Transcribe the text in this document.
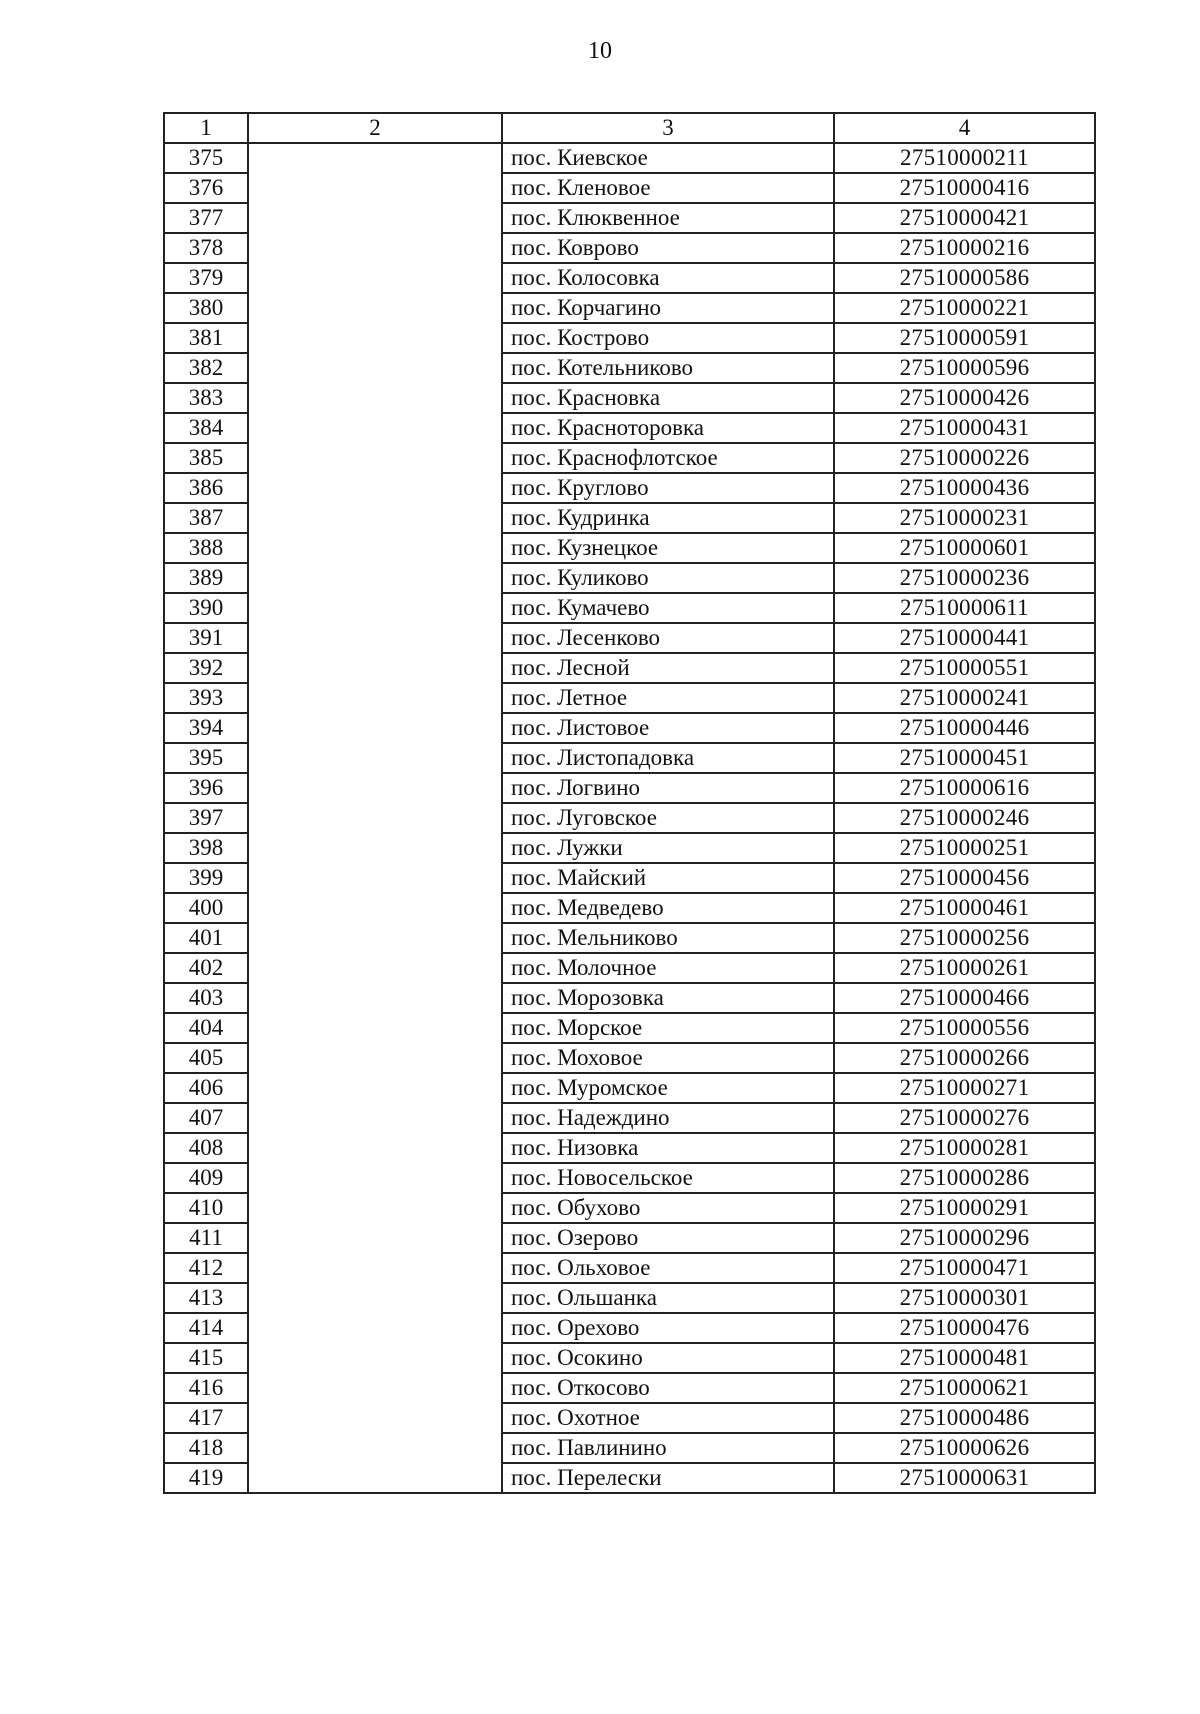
10
1	2	3	4
375		пос. Киевское	27510000211
376		пос. Кленовое	27510000416
377		пос. Клюквенное	27510000421
378		пос. Коврово	27510000216
379		пос. Колосовка	27510000586
380		пос. Корчагино	27510000221
381		пос. Кострово	27510000591
382		пос. Котельниково	27510000596
383		пос. Красновка	27510000426
384		пос. Красноторовка	27510000431
385		пос. Краснофлотское	27510000226
386		пос. Круглово	27510000436
387		пос. Кудринка	27510000231
388		пос. Кузнецкое	27510000601
389		пос. Куликово	27510000236
390		пос. Кумачево	27510000611
391		пос. Лесенково	27510000441
392		пос. Лесной	27510000551
393		пос. Летное	27510000241
394		пос. Листовое	27510000446
395		пос. Листопадовка	27510000451
396		пос. Логвино	27510000616
397		пос. Луговское	27510000246
398		пос. Лужки	27510000251
399		пос. Майский	27510000456
400		пос. Медведево	27510000461
401		пос. Мельниково	27510000256
402		пос. Молочное	27510000261
403		пос. Морозовка	27510000466
404		пос. Морское	27510000556
405		пос. Моховое	27510000266
406		пос. Муромское	27510000271
407		пос. Надеждино	27510000276
408		пос. Низовка	27510000281
409		пос. Новосельское	27510000286
410		пос. Обухово	27510000291
411		пос. Озерово	27510000296
412		пос. Ольховое	27510000471
413		пос. Ольшанка	27510000301
414		пос. Орехово	27510000476
415		пос. Осокино	27510000481
416		пос. Откосово	27510000621
417		пос. Охотное	27510000486
418		пос. Павлинино	27510000626
419		пос. Перелески	27510000631
